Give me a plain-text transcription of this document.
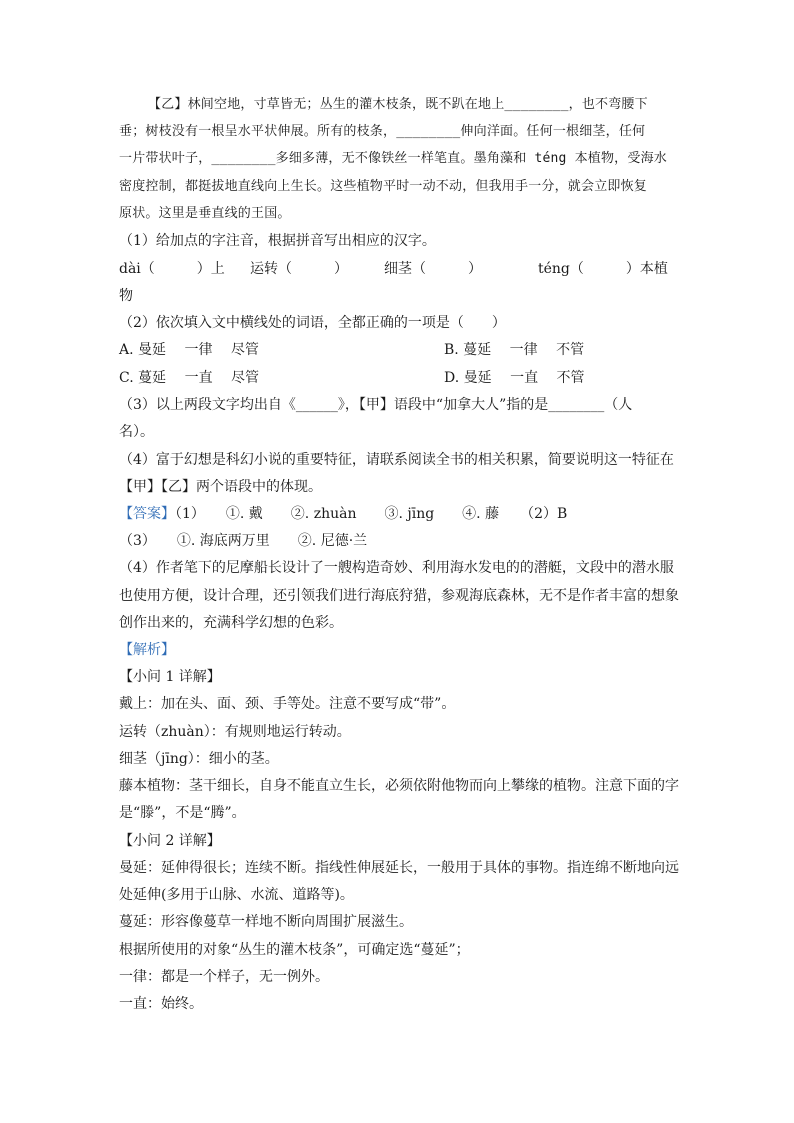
【乙】林间空地，寸草皆无；丛生的灌木枝条，既不趴在地上________，也不弯腰下
垂；树枝没有一根呈水平状伸展。所有的枝条，________伸向洋面。任何一根细茎，任何
一片带状叶子，________多细多薄，无不像铁丝一样笔直。墨角藻和 téng 本植物，受海水
密度控制，都挺拔地直线向上生长。这些植物平时一动不动，但我用手一分，就会立即恢复
原状。这里是垂直线的王国。
（1）给加点的字注音，根据拼音写出相应的汉字。
dài（　　　）上 运转（　　　）	细茎（　　　）	téng（　　　）本植
物
（2）依次填入文中横线处的词语，全都正确的一项是（　　）
A. 曼延　 一律　 尽管	B. 蔓延　 一律　 不管
C. 蔓延　 一直　 尽管	D. 曼延　 一直　 不管
（3）以上两段文字均出自《______》，【甲】语段中“加拿大人”指的是________（人
名）。
（4）富于幻想是科幻小说的重要特征，请联系阅读全书的相关积累，简要说明这一特征在
【甲】【乙】两个语段中的体现。
【答案】（1）　　①. 戴　　②. zhuàn　　③. jīng　　④. 藤　　（2）B
（3）　　①. 海底两万里　　②. 尼德·兰
（4）作者笔下的尼摩船长设计了一艘构造奇妙、利用海水发电的的潜艇，文段中的潜水服
也使用方便，设计合理，还引领我们进行海底狩猎，参观海底森林，无不是作者丰富的想象
创作出来的，充满科学幻想的色彩。
【解析】
【小问 1 详解】
戴上：加在头、面、颈、手等处。注意不要写成“带”。
运转（zhuàn）：有规则地运行转动。
细茎（jīng）：细小的茎。
藤本植物：茎干细长，自身不能直立生长，必须依附他物而向上攀缘的植物。注意下面的字
是“滕”，不是“腾”。
【小问 2 详解】
曼延：延伸得很长；连续不断。指线性伸展延长，一般用于具体的事物。指连绵不断地向远
处延伸(多用于山脉、水流、道路等)。
蔓延：形容像蔓草一样地不断向周围扩展滋生。
根据所使用的对象“丛生的灌木枝条”，可确定选“蔓延”；
一律：都是一个样子，无一例外。
一直：始终。
